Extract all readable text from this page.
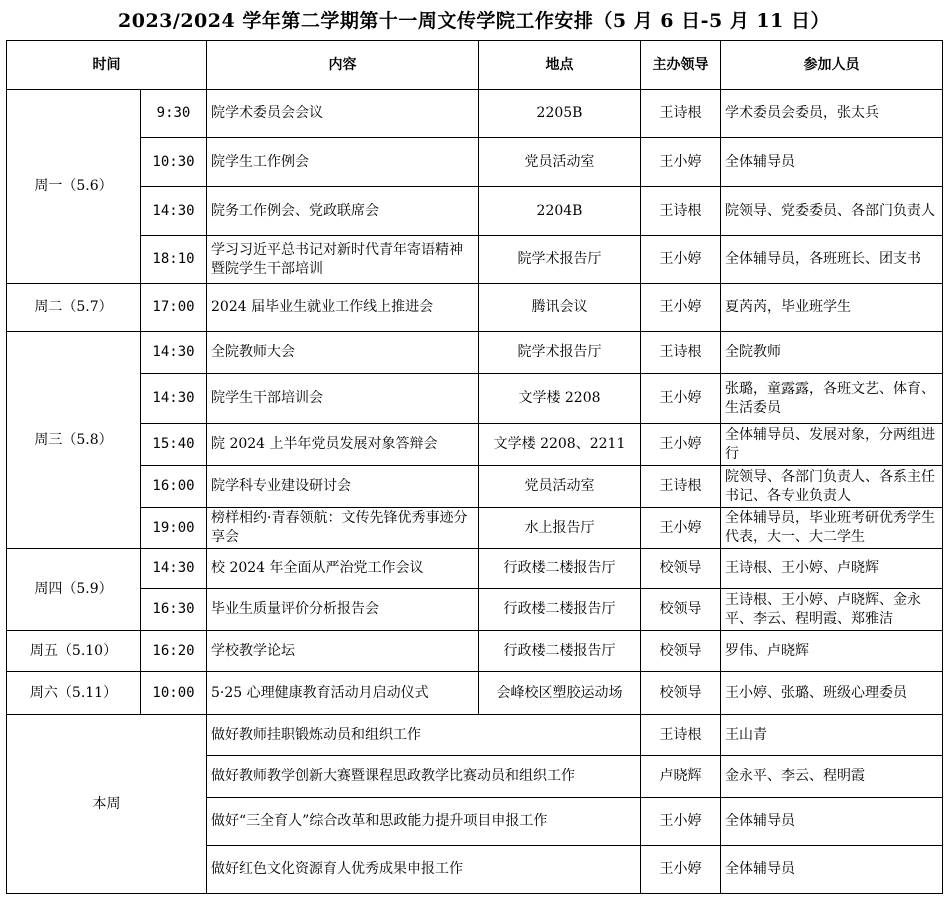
2023/2024 学年第二学期第十一周文传学院工作安排（5 月 6 日-5 月 11 日）
时间		内容	地点	主办领导	参加人员
周一（5.6）	9:30	院学术委员会会议	2205B	王诗根	学术委员会委员，张太兵
	10:30	院学生工作例会	党员活动室	王小婷	全体辅导员
	14:30	院务工作例会、党政联席会	2204B	王诗根	院领导、党委委员、各部门负责人
	18:10	学习习近平总书记对新时代青年寄语精神暨院学生干部培训	院学术报告厅	王小婷	全体辅导员，各班班长、团支书
周二（5.7）	17:00	2024 届毕业生就业工作线上推进会	腾讯会议	王小婷	夏芮芮，毕业班学生
周三（5.8）	14:30	全院教师大会	院学术报告厅	王诗根	全院教师
	14:30	院学生干部培训会	文学楼 2208	王小婷	张璐，童露露，各班文艺、体育、生活委员
	15:40	院 2024 上半年党员发展对象答辩会	文学楼 2208、2211	王小婷	全体辅导员、发展对象，分两组进行
	16:00	院学科专业建设研讨会	党员活动室	王诗根	院领导、各部门负责人、各系主任书记、各专业负责人
	19:00	榜样相约·青春领航：文传先锋优秀事迹分享会	水上报告厅	王小婷	全体辅导员，毕业班考研优秀学生代表，大一、大二学生
周四（5.9）	14:30	校 2024 年全面从严治党工作会议	行政楼二楼报告厅	校领导	王诗根、王小婷、卢晓辉
	16:30	毕业生质量评价分析报告会	行政楼二楼报告厅	校领导	王诗根、王小婷、卢晓辉、金永平、李云、程明霞、郑雅洁
周五（5.10）	16:20	学校教学论坛	行政楼二楼报告厅	校领导	罗伟、卢晓辉
周六（5.11）	10:00	5·25 心理健康教育活动月启动仪式	会峰校区塑胶运动场	校领导	王小婷、张璐、班级心理委员
本周		做好教师挂职锻炼动员和组织工作		王诗根	王山青
		做好教师教学创新大赛暨课程思政教学比赛动员和组织工作		卢晓辉	金永平、李云、程明霞
		做好“三全育人”综合改革和思政能力提升项目申报工作		王小婷	全体辅导员
		做好红色文化资源育人优秀成果申报工作		王小婷	全体辅导员
